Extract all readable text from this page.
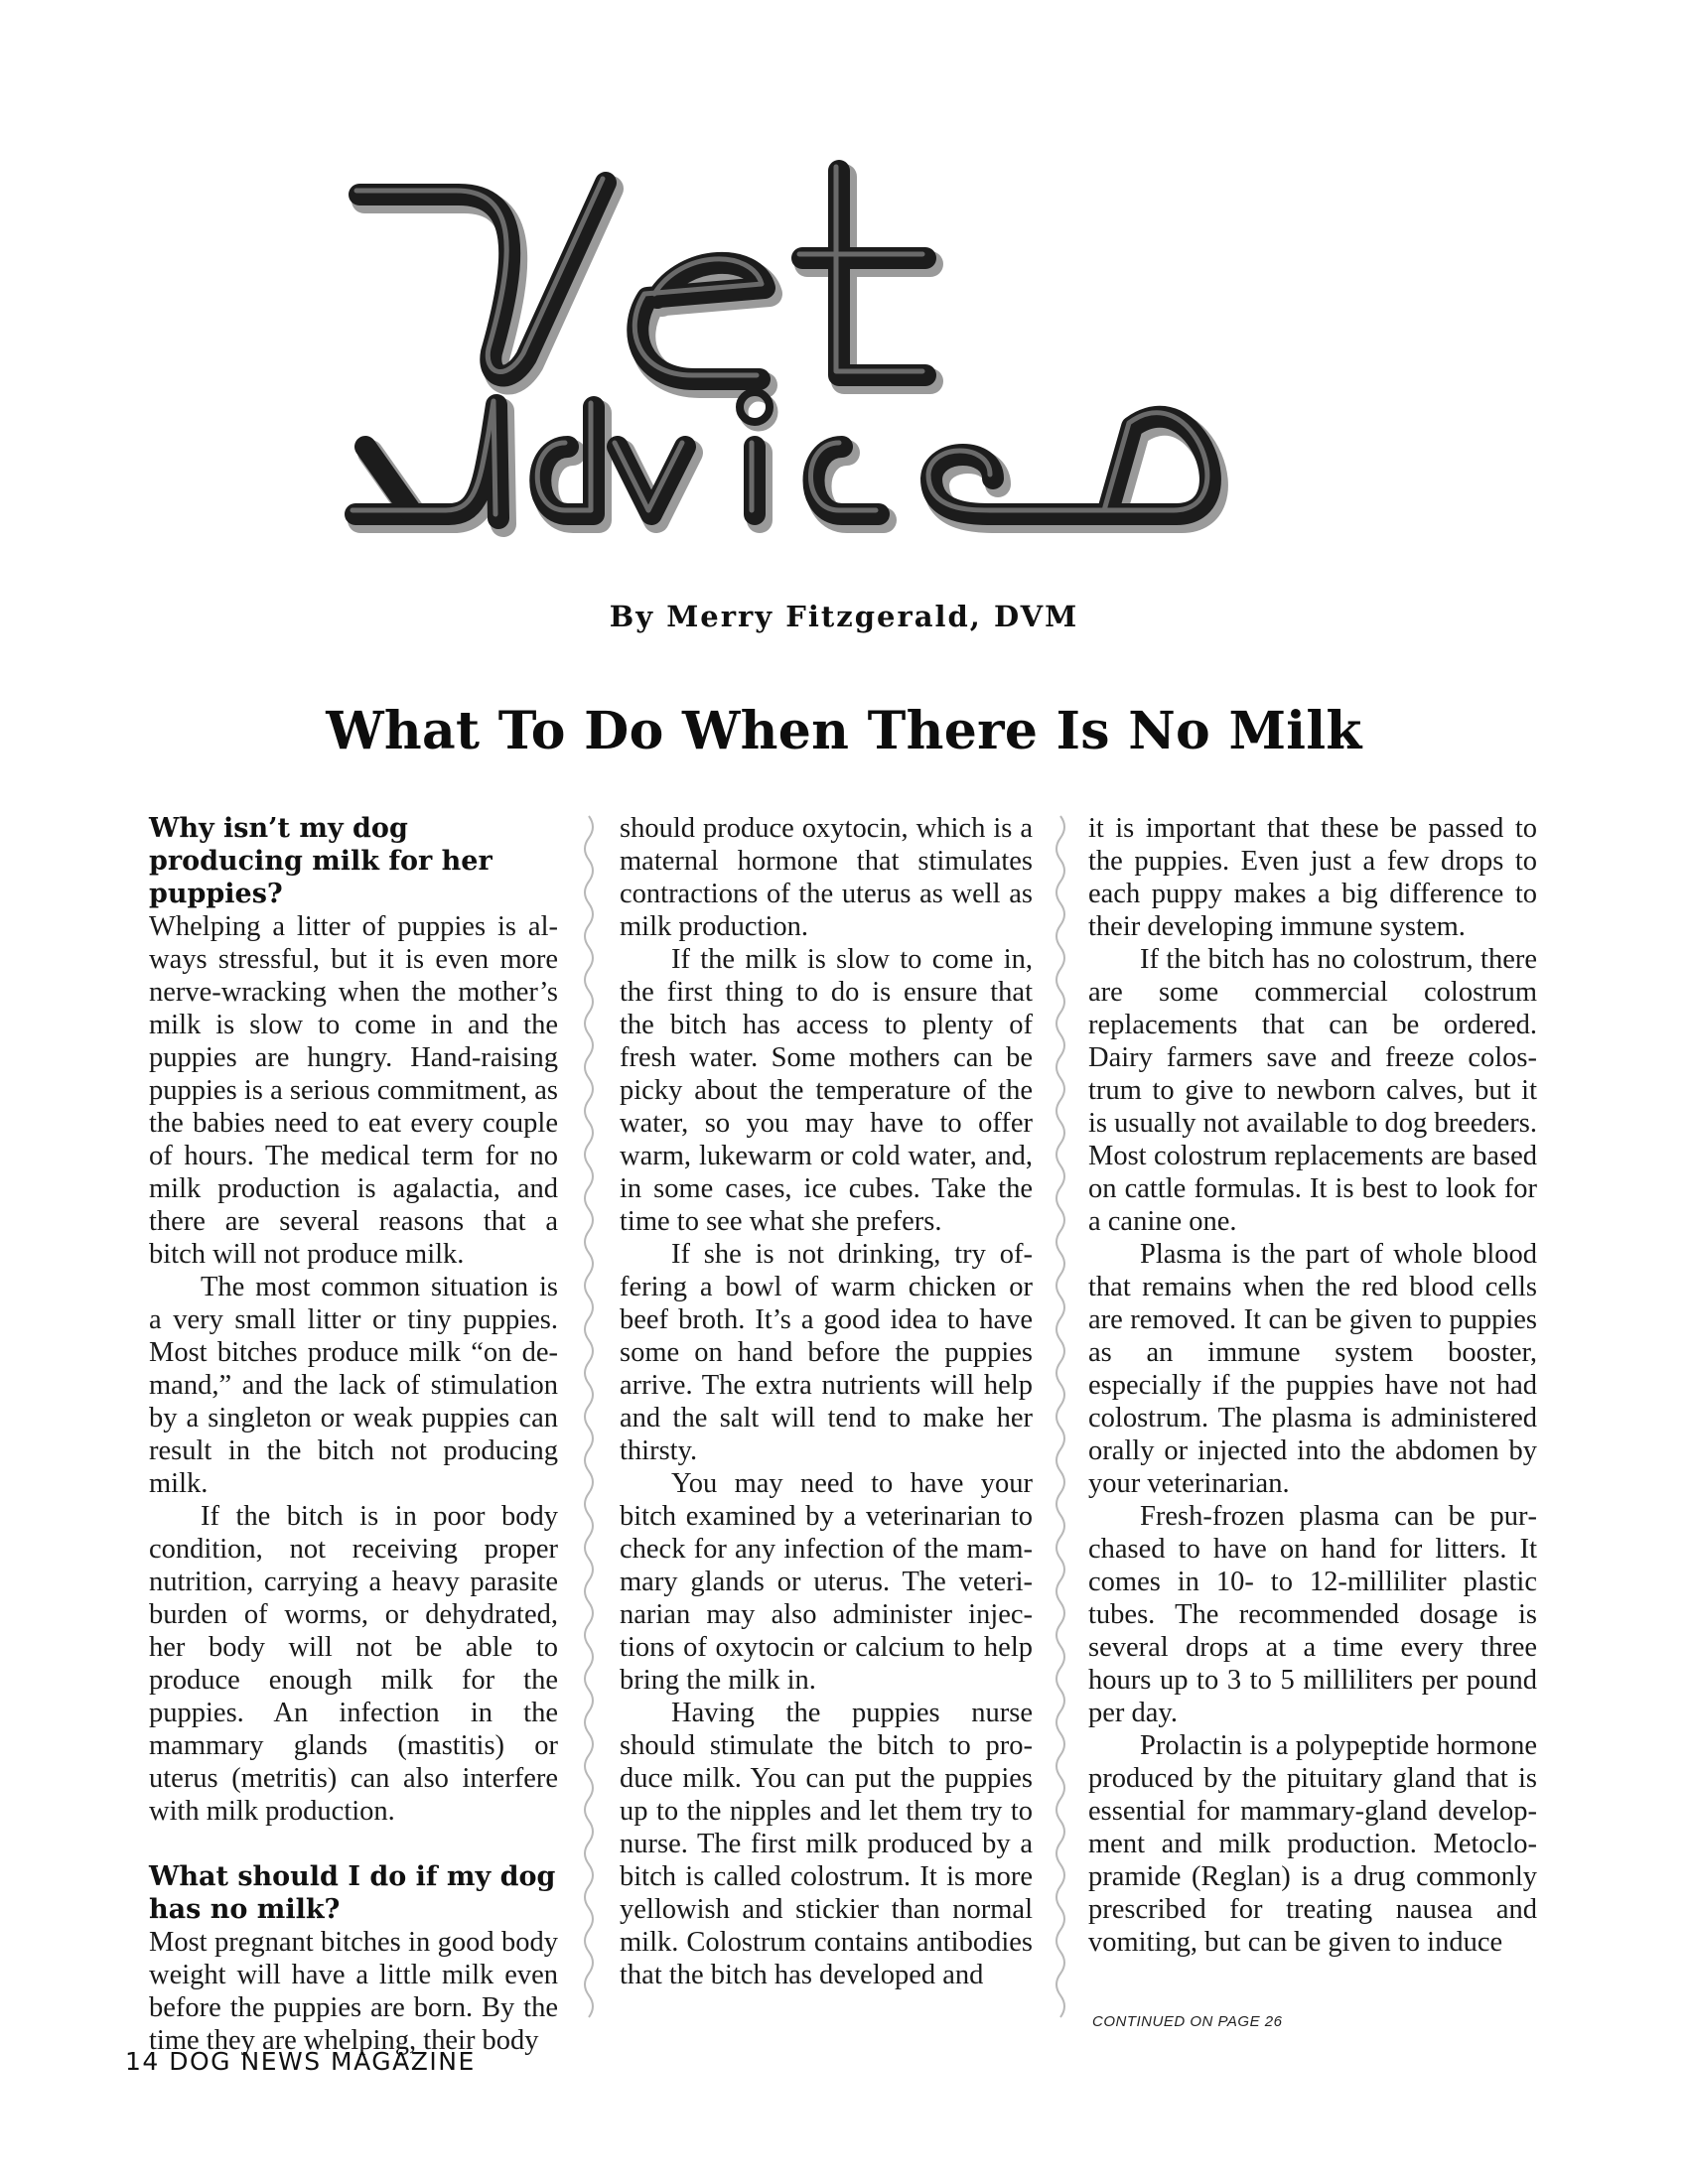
By Merry Fitzgerald, DVM
What To Do When There Is No Milk
Why isn’t my dog producing milk for her puppies?

Whelping a litter of puppies is always stressful, but it is even more nerve-wracking when the mother’s milk is slow to come in and the puppies are hungry. Hand-raising puppies is a serious commitment, as the babies need to eat every couple of hours. The medical term for no milk production is agalactia, and there are several reasons that a bitch will not produce milk.

The most common situation is a very small litter or tiny puppies. Most bitches produce milk “on demand,” and the lack of stimulation by a singleton or weak puppies can result in the bitch not producing milk.

If the bitch is in poor body condition, not receiving proper nutrition, carrying a heavy parasite burden of worms, or dehydrated, her body will not be able to produce enough milk for the puppies. An infection in the mammary glands (mastitis) or uterus (metritis) can also interfere with milk production.

What should I do if my dog has no milk?

Most pregnant bitches in good body weight will have a little milk even before the puppies are born. By the time they are whelping, their body

should produce oxytocin, which is a maternal hormone that stimulates contractions of the uterus as well as milk production.

If the milk is slow to come in, the first thing to do is ensure that the bitch has access to plenty of fresh water. Some mothers can be picky about the temperature of the water, so you may have to offer warm, lukewarm or cold water, and, in some cases, ice cubes. Take the time to see what she prefers.

If she is not drinking, try offering a bowl of warm chicken or beef broth. It’s a good idea to have some on hand before the puppies arrive. The extra nutrients will help and the salt will tend to make her thirsty.

You may need to have your bitch examined by a veterinarian to check for any infection of the mammary glands or uterus. The veterinarian may also administer injections of oxytocin or calcium to help bring the milk in.

Having the puppies nurse should stimulate the bitch to produce milk. You can put the puppies up to the nipples and let them try to nurse. The first milk produced by a bitch is called colostrum. It is more yellowish and stickier than normal milk. Colostrum contains antibodies that the bitch has developed and

it is important that these be passed to the puppies. Even just a few drops to each puppy makes a big difference to their developing immune system.

If the bitch has no colostrum, there are some commercial colostrum replacements that can be ordered. Dairy farmers save and freeze colostrum to give to newborn calves, but it is usually not available to dog breeders. Most colostrum replacements are based on cattle formulas. It is best to look for a canine one.

Plasma is the part of whole blood that remains when the red blood cells are removed. It can be given to puppies as an immune system booster, especially if the puppies have not had colostrum. The plasma is administered orally or injected into the abdomen by your veterinarian.

Fresh-frozen plasma can be purchased to have on hand for litters. It comes in 10- to 12-milliliter plastic tubes. The recommended dosage is several drops at a time every three hours up to 3 to 5 milliliters per pound per day.

Prolactin is a polypeptide hormone produced by the pituitary gland that is essential for mammary-gland development and milk production. Metoclopramide (Reglan) is a drug commonly prescribed for treating nausea and vomiting, but can be given to induce

CONTINUED ON PAGE 26
14 DOG NEWS MAGAZINE
